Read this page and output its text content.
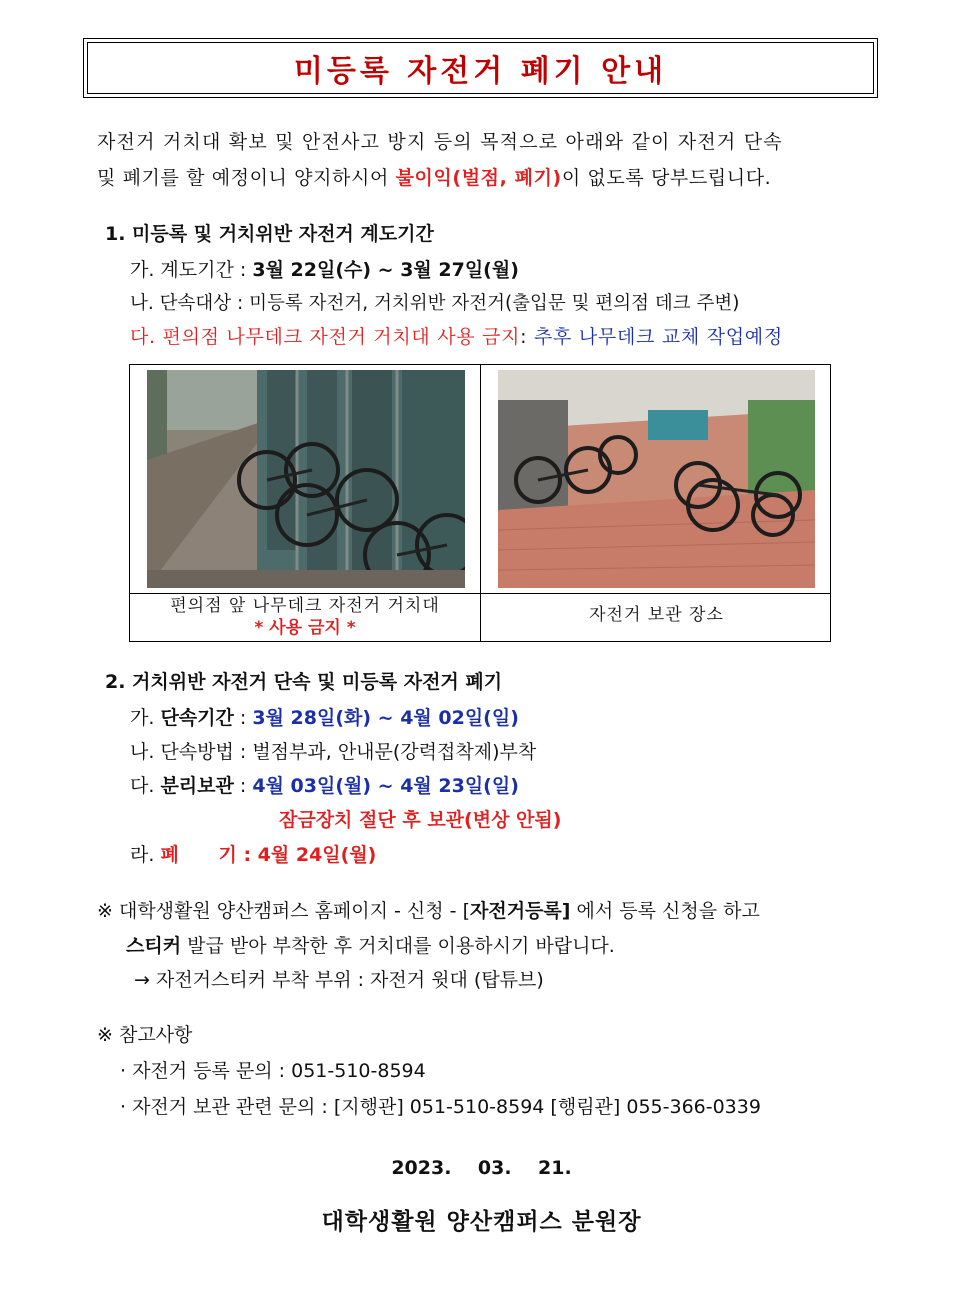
미등록 자전거 폐기 안내
자전거 거치대 확보 및 안전사고 방지 등의 목적으로 아래와 같이 자전거 단속
및 폐기를 할 예정이니 양지하시어 불이익(벌점, 폐기)이 없도록 당부드립니다.
1. 미등록 및 거치위반 자전거 계도기간
가. 계도기간 : 3월 22일(수) ~ 3월 27일(월)
나. 단속대상 : 미등록 자전거, 거치위반 자전거(출입문 및 편의점 데크 주변)
다. 편의점 나무데크 자전거 거치대 사용 금지: 추후 나무데크 교체 작업예정
편의점 앞 나무데크 자전거 거치대
* 사용 금지 *
자전거 보관 장소
2. 거치위반 자전거 단속 및 미등록 자전거 폐기
가. 단속기간 : 3월 28일(화) ~ 4월 02일(일)
나. 단속방법 : 벌점부과, 안내문(강력접착제)부착
다. 분리보관 : 4월 03일(월) ~ 4월 23일(일)
잠금장치 절단 후 보관(변상 안됨)
라. 폐      기 : 4월 24일(월)
※ 대학생활원 양산캠퍼스 홈페이지 - 신청 - [자전거등록] 에서 등록 신청을 하고
스티커 발급 받아 부착한 후 거치대를 이용하시기 바랍니다.
→ 자전거스티커 부착 부위 : 자전거 윗대 (탑튜브)
※ 참고사항
· 자전거 등록 문의 : 051-510-8594
· 자전거 보관 관련 문의 : [지행관] 051-510-8594 [행림관] 055-366-0339
2023.    03.    21.
대학생활원 양산캠퍼스 분원장
